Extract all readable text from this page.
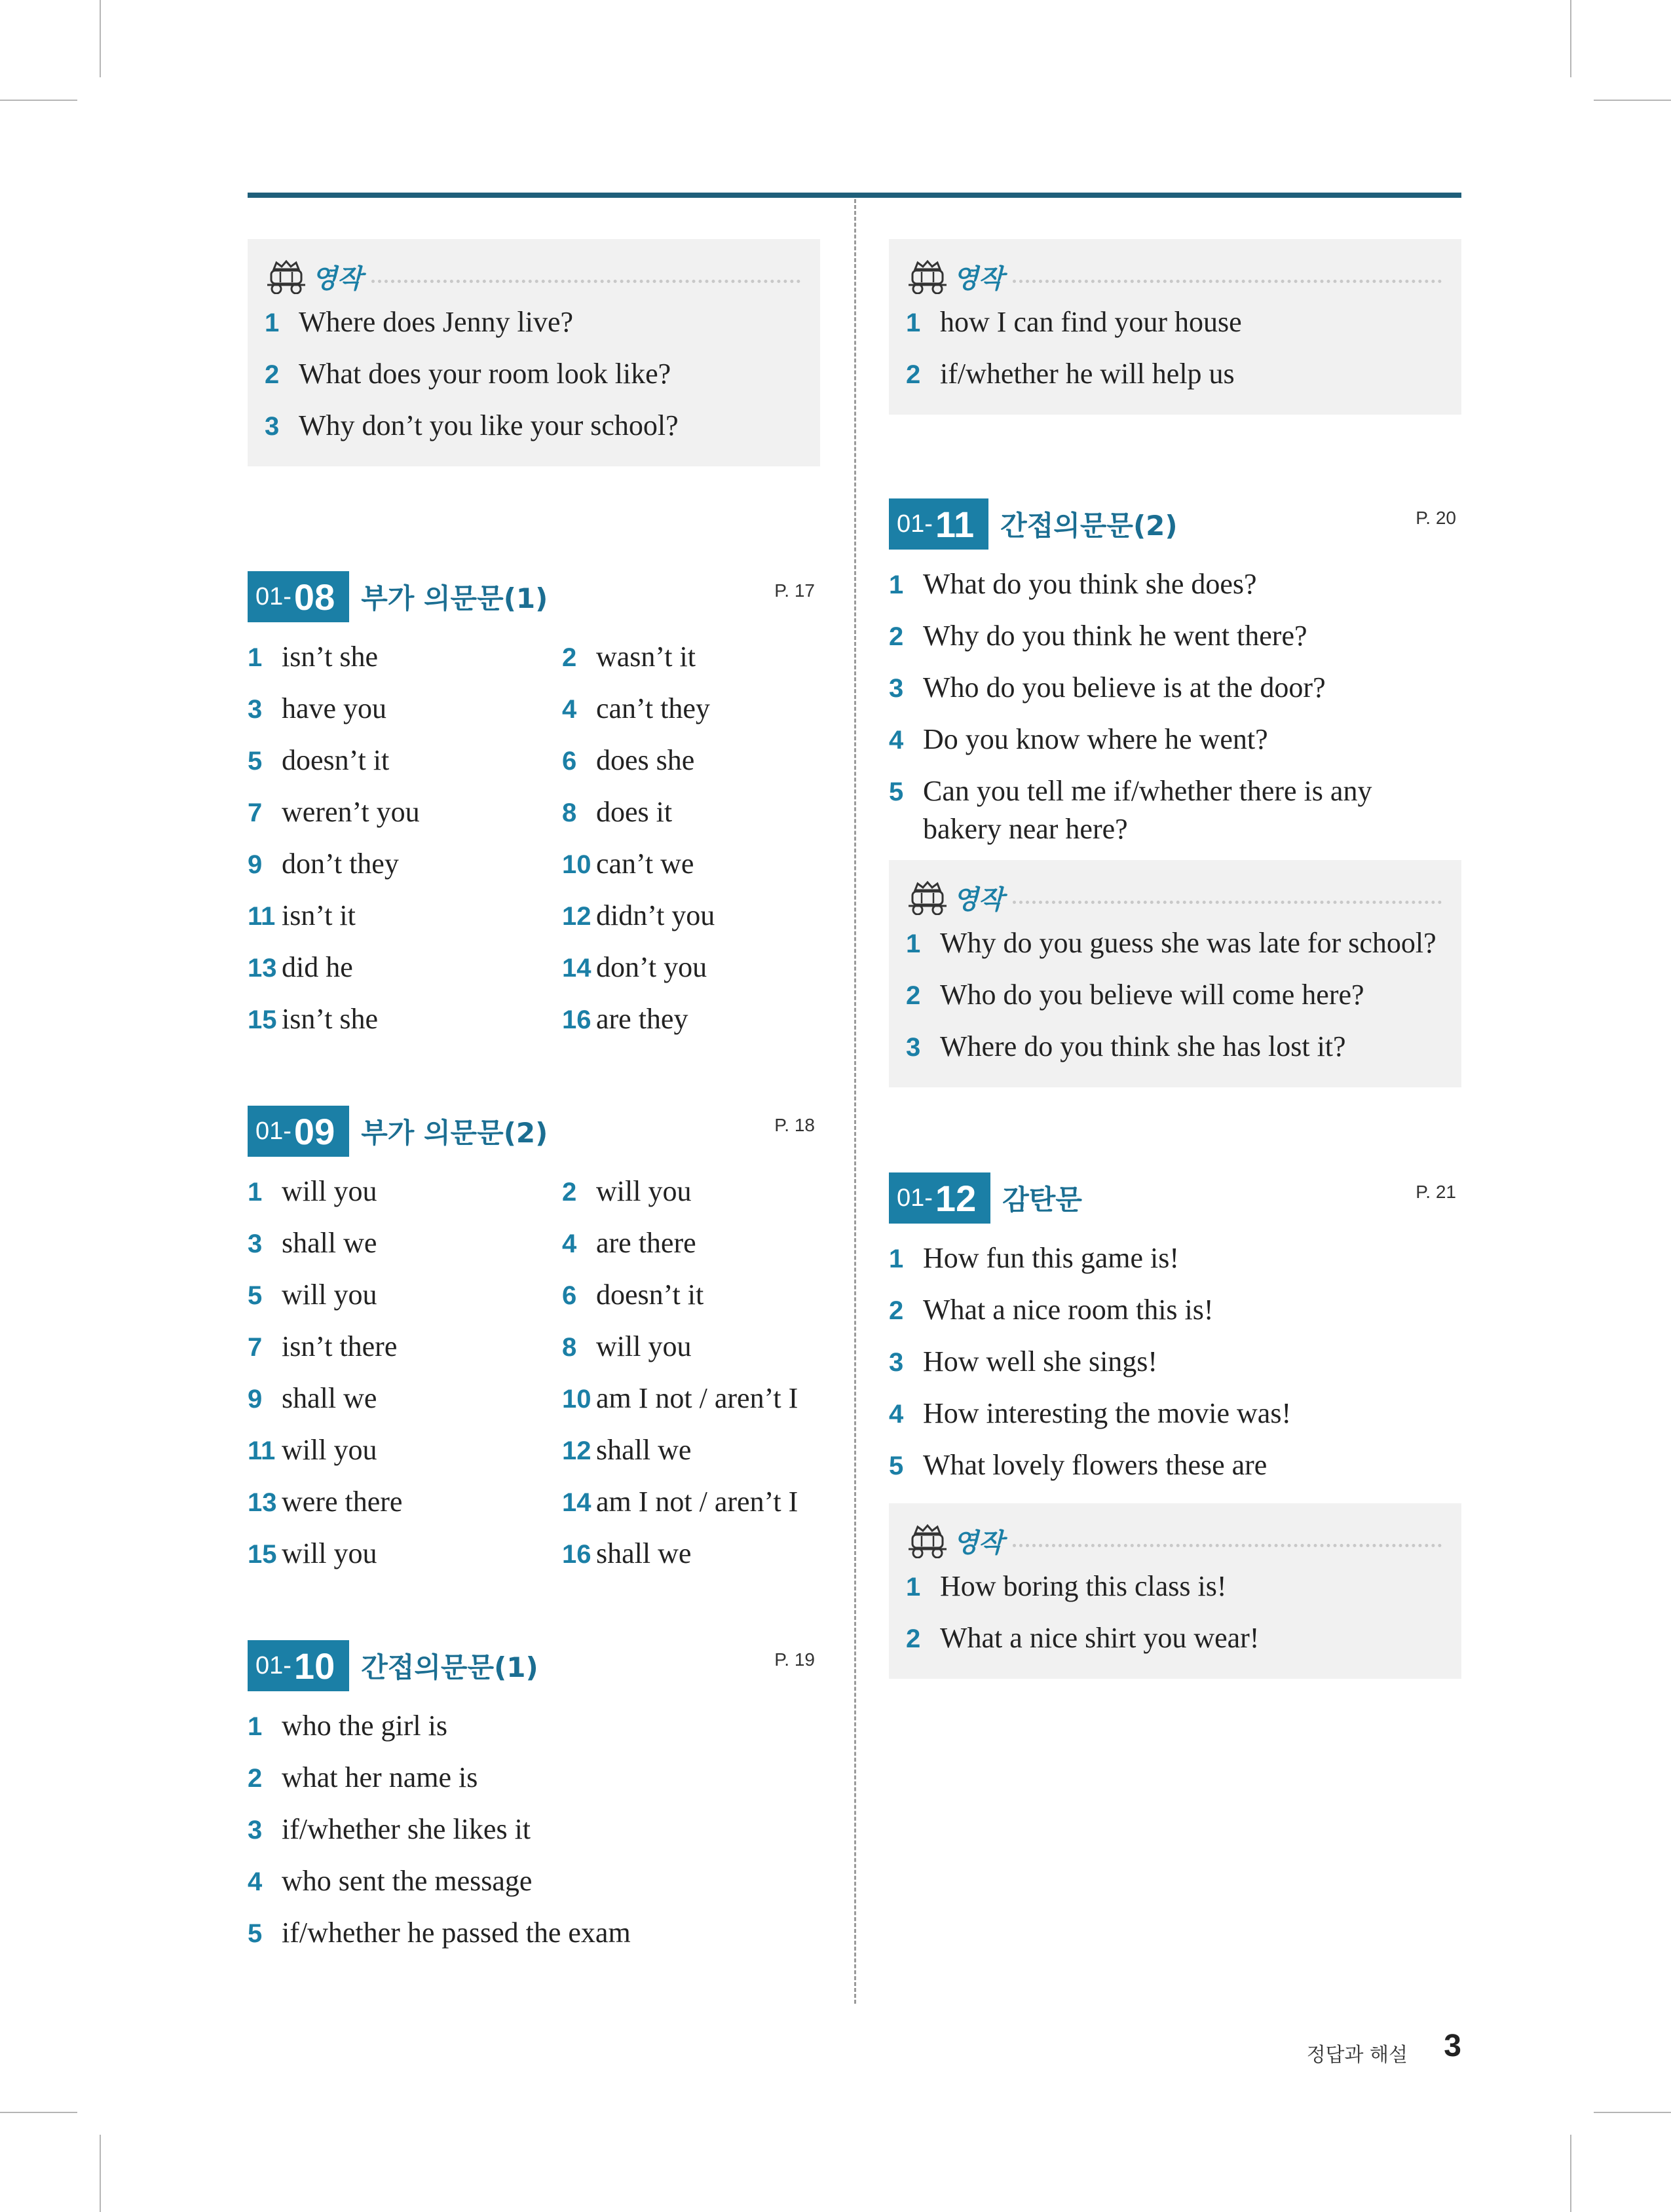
영작
1 Where does Jenny live?
2 What does your room look like?
3 Why don’t you like your school?
01- 08 부가 의문문(1)	P. 17
1 isn’t she	2 wasn’t it
3 have you	4 can’t they
5 doesn’t it	6 does she
7 weren’t you	8 does it
9 don’t they	10 can’t we
11 isn’t it	12 didn’t you
13 did he	14 don’t you
15 isn’t she	16 are they
01- 09 부가 의문문(2)	P. 18
1 will you	2 will you
3 shall we	4 are there
5 will you	6 doesn’t it
7 isn’t there	8 will you
9 shall we	10 am I not / aren’t I
11 will you	12 shall we
13 were there	14 am I not / aren’t I
15 will you	16 shall we
01- 10 간접의문문(1)	P. 19
1 who the girl is
2 what her name is
3 if/whether she likes it
4 who sent the message
5 if/whether he passed the exam
영작
1 how I can find your house
2 if/whether he will help us
01- 11 간접의문문(2)	P. 20
1 What do you think she does?
2 Why do you think he went there?
3 Who do you believe is at the door?
4 Do you know where he went?
5 Can you tell me if/whether there is any bakery near here?
영작
1 Why do you guess she was late for school?
2 Who do you believe will come here?
3 Where do you think she has lost it?
01- 12 감탄문	P. 21
1 How fun this game is!
2 What a nice room this is!
3 How well she sings!
4 How interesting the movie was!
5 What lovely flowers these are
영작
1 How boring this class is!
2 What a nice shirt you wear!
정답과 해설 3
